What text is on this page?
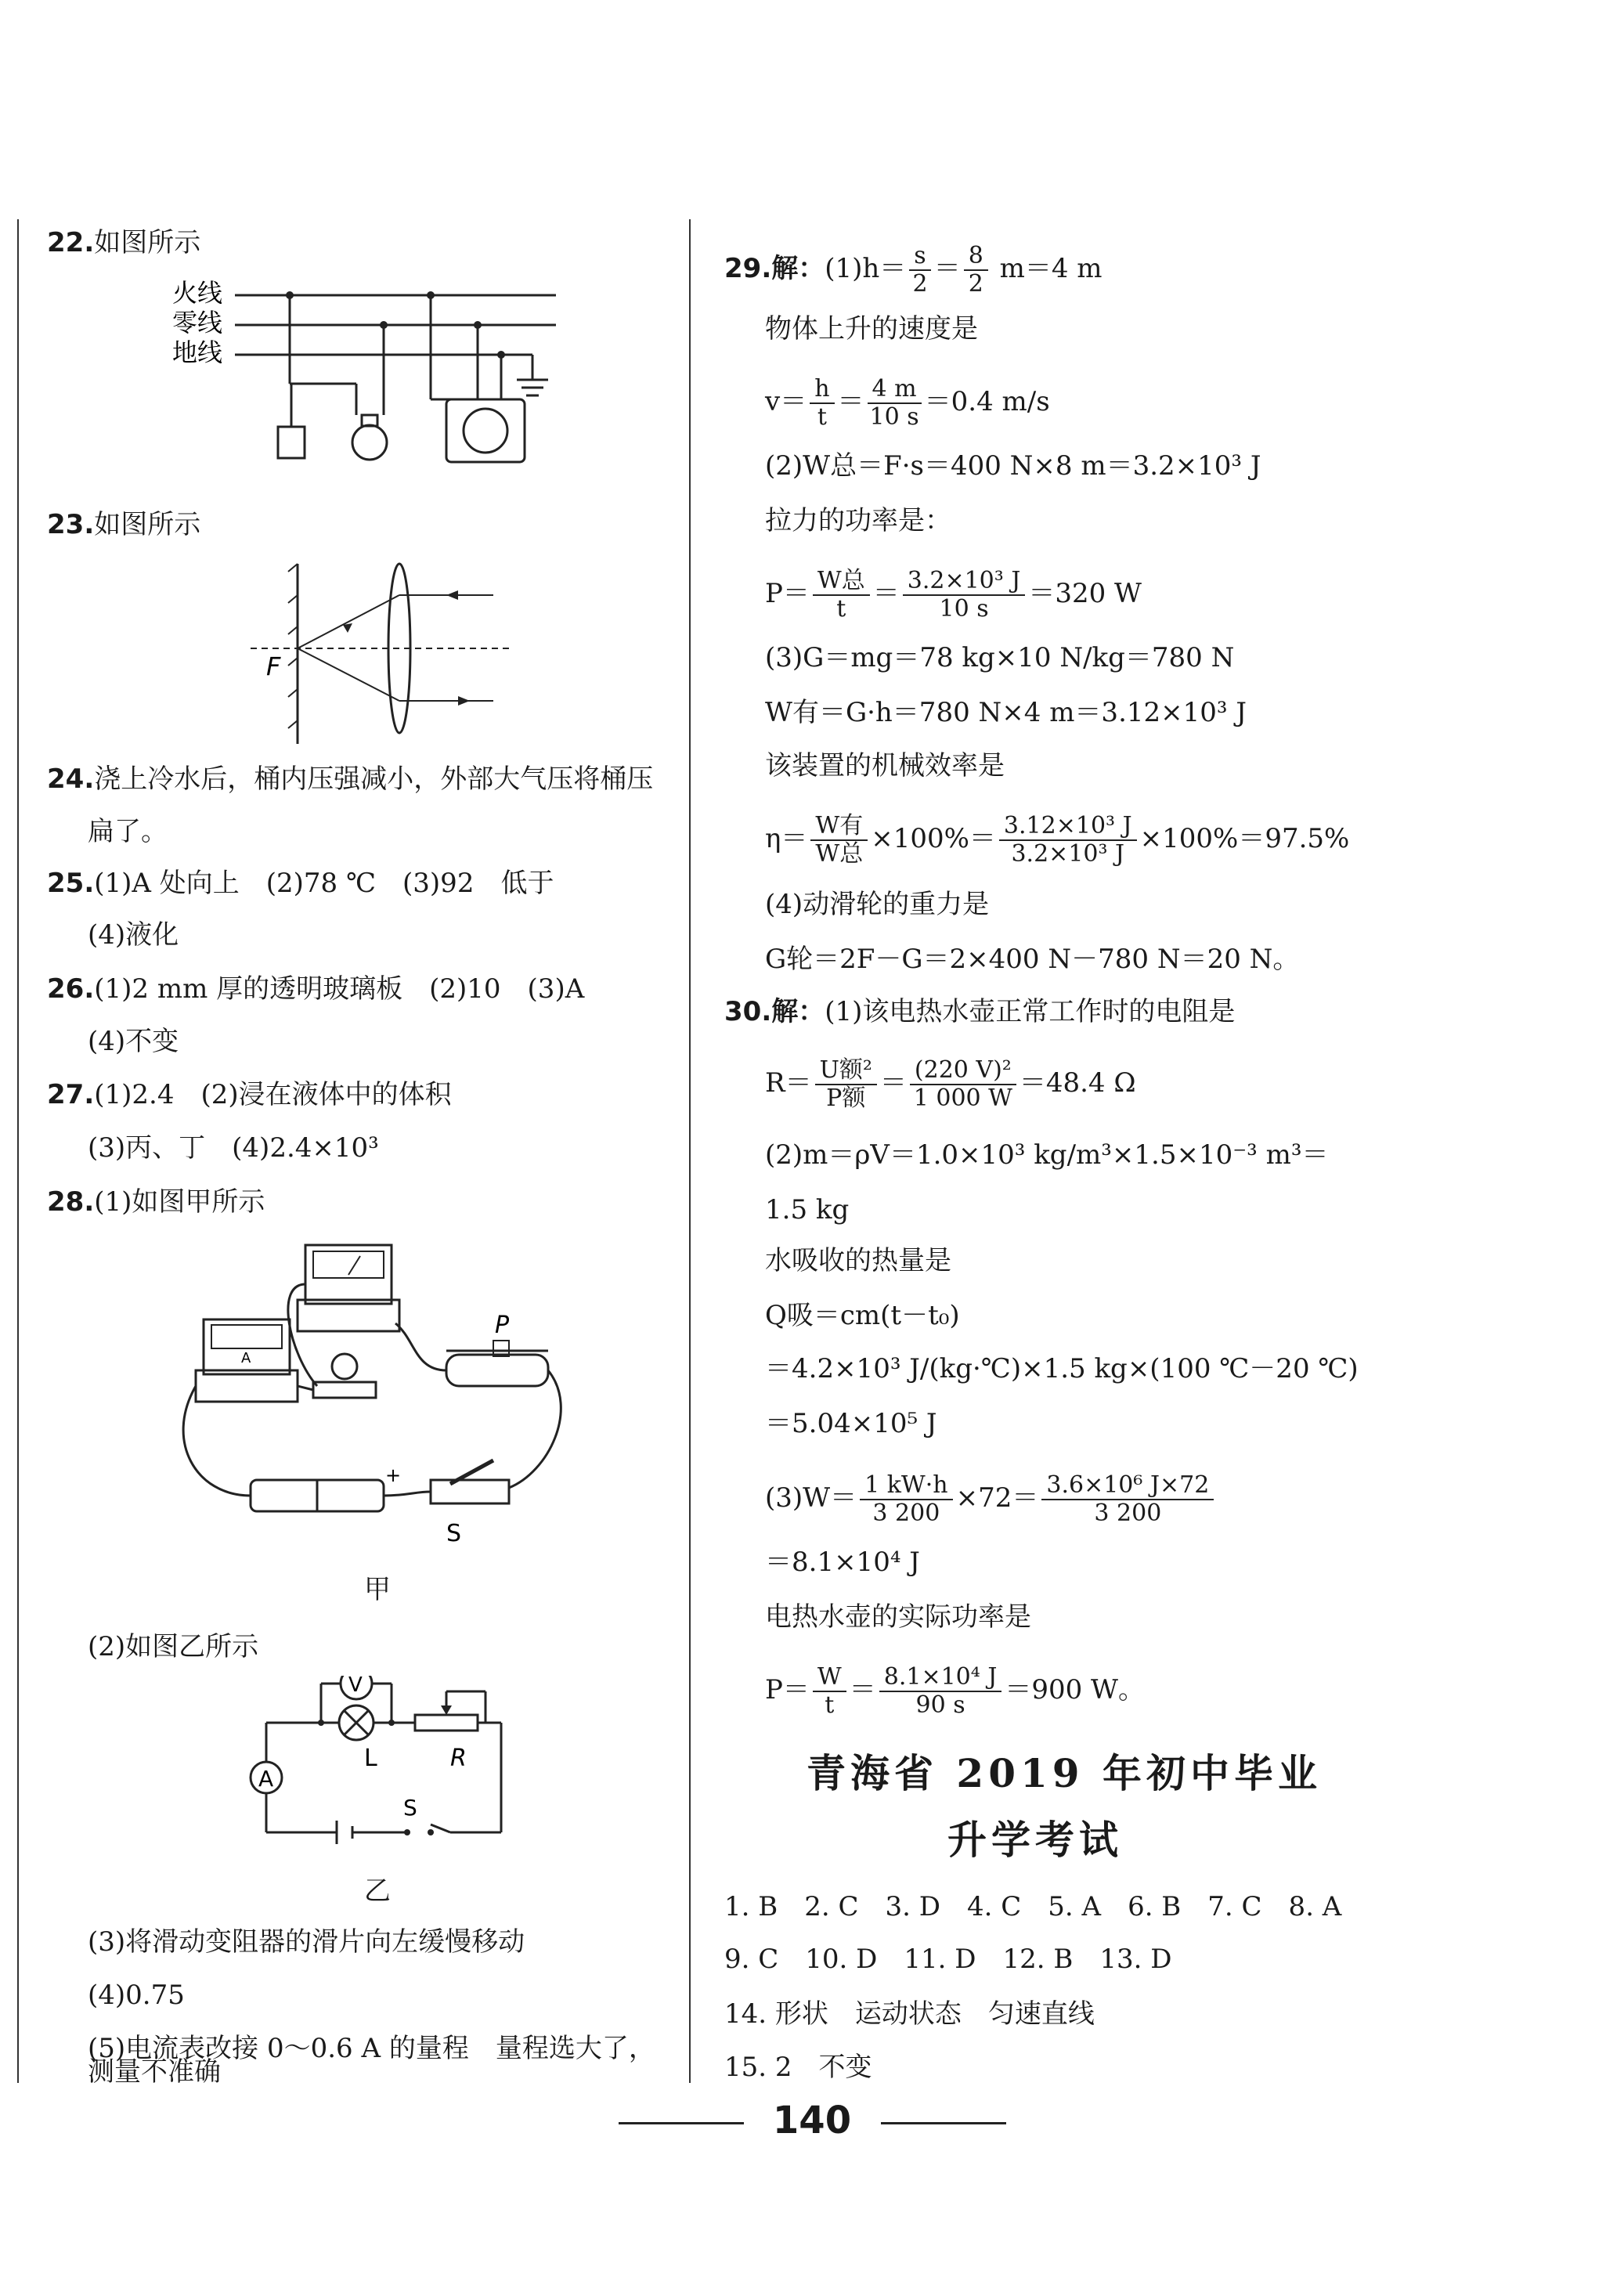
22.如图所示
火线
零线
地线
23.如图所示
F
24.浇上冷水后，桶内压强减小，外部大气压将桶压
扁了。
25.(1)A 处向上　(2)78 ℃　(3)92　低于
(4)液化
26.(1)2 mm 厚的透明玻璃板　(2)10　(3)A
(4)不变
27.(1)2.4　(2)浸在液体中的体积
(3)丙、丁　(4)2.4×10³
28.(1)如图甲所示
A
P
+
S
甲
(2)如图乙所示
A
V
L	R
S
乙
(3)将滑动变阻器的滑片向左缓慢移动
(4)0.75
(5)电流表改接 0～0.6 A 的量程　量程选大了，
测量不准确
29.解：$(1)h= \frac{s}{2} = \frac{8}{2} m=4$ m
物体上升的速度是
$v= \frac{h}{t} = \frac{4 m}{10 s} =0.4$ m/s
(2)W总＝F·s＝400 N×8 m＝3.2×10³ J
拉力的功率是：
$P= \frac{\text{W总}}{t} = \frac{\text{3.2×10³ J}}{10 s} =320$ W
(3)G＝mg＝78 kg×10 N/kg＝780 N
W有＝G·h＝780 N×4 m＝3.12×10³ J
该装置的机械效率是
$\eta= \frac{\text{W有}}{\text{W总}} \times 100\%= \frac{\text{3.12×10³ J}}{\text{3.2×10³ J}} \times 100\%=97.5\%$
(4)动滑轮的重力是
G轮＝2F－G＝2×400 N－780 N＝20 N。
30.解：(1)该电热水壶正常工作时的电阻是
$R= \frac{\text{U额²}}{\text{P额}} = \frac{\text{(220 V)²}}{1 000 W} =48.4$ Ω
(2)m＝ρV＝1.0×10³ kg/m³×1.5×10⁻³ m³＝
1.5 kg
水吸收的热量是
Q吸＝cm(t－t₀)
＝4.2×10³ J/(kg·℃)×1.5 kg×(100 ℃－20 ℃)
＝5.04×10⁵ J
$(3)W= \frac{1 kW\cdot h}{3 200} \times 72= \frac{\text{3.6×10⁶ J×72}}{3 200}$
＝8.1×10⁴ J
电热水壶的实际功率是
$P= \frac{W}{t} = \frac{\text{8.1×10⁴ J}}{90 s} =900$ W。
青海省 2019 年初中毕业
升学考试
1. B　2. C　3. D　4. C　5. A　6. B　7. C　8. A
9. C　10. D　11. D　12. B　13. D
14. 形状　运动状态　匀速直线
15. 2　不变
140
